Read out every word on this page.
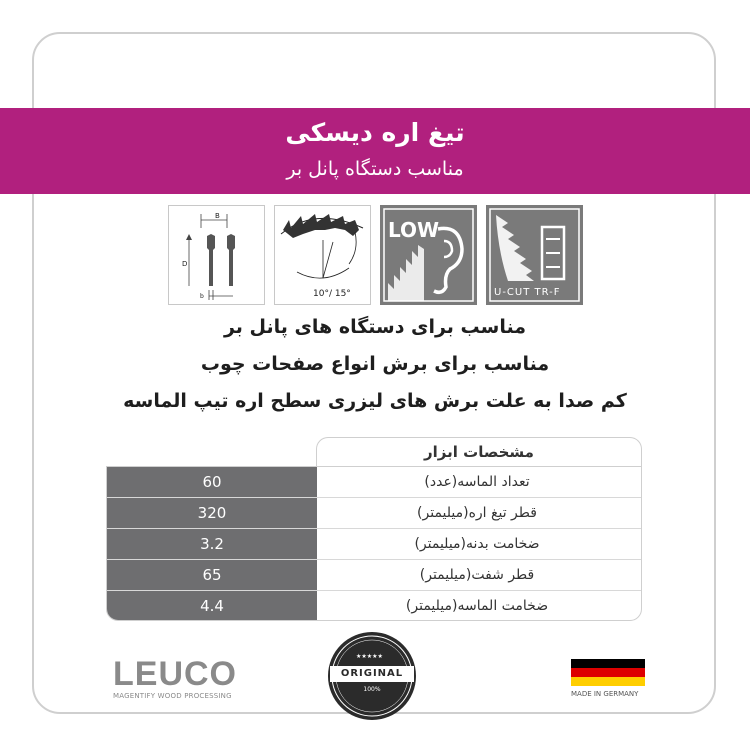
تیغ اره دیسکی
مناسب دستگاه پانل بر
B
D
b	10°/ 15°
LOW
U-CUT TR-F
مناسب برای دستگاه های پانل بر
مناسب برای برش انواع صفحات چوب
کم صدا به علت برش های لیزری سطح اره تیپ الماسه
مشخصات ابزار
60	تعداد الماسه(عدد)
320	قطر تیغ اره(میلیمتر)
3.2	ضخامت بدنه(میلیمتر)
65	قطر شفت(میلیمتر)
4.4	ضخامت الماسه(میلیمتر)
LEUCO
MAGENTIFY WOOD PROCESSING
★★★★★
ORIGINAL
100%
MADE IN GERMANY
